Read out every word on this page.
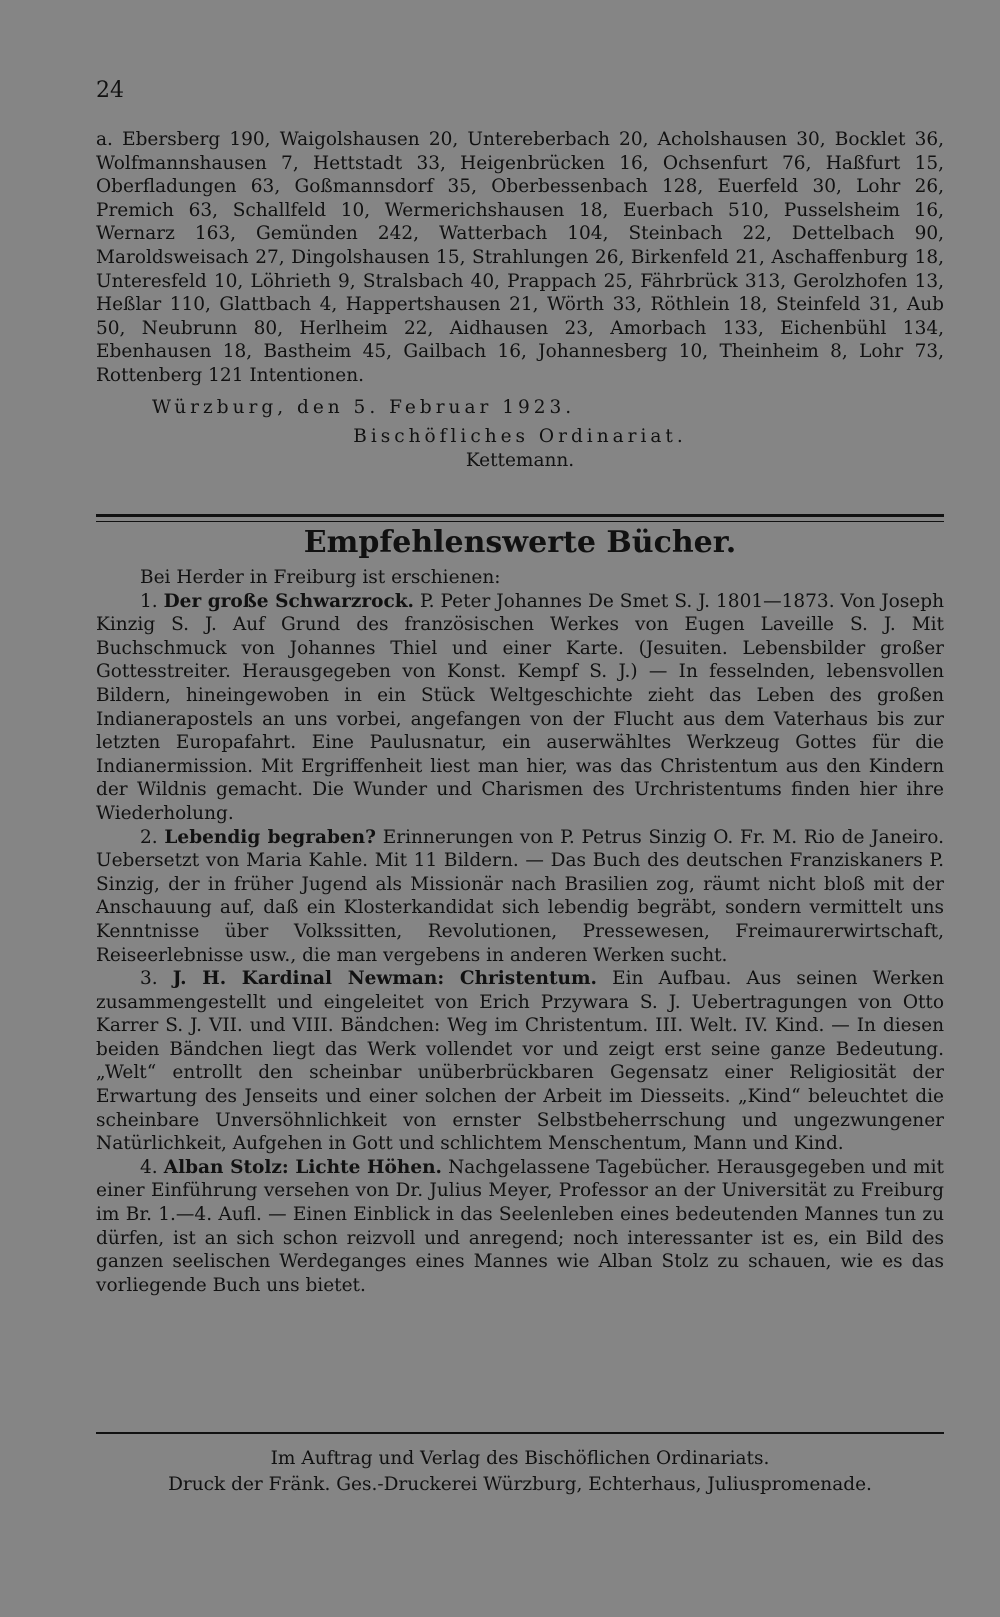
24

a. Ebersberg 190, Waigolshausen 20, Untereberbach 20, Acholshausen 30, Bocklet 36, Wolfmannshausen 7, Hettstadt 33, Heigenbrücken 16, Ochsenfurt 76, Haßfurt 15, Oberfladungen 63, Goßmannsdorf 35, Oberbessenbach 128, Euerfeld 30, Lohr 26, Premich 63, Schallfeld 10, Wermerichshausen 18, Euerbach 510, Pusselsheim 16, Wernarz 163, Gemünden 242, Watterbach 104, Steinbach 22, Dettelbach 90, Maroldsweisach 27, Dingolshausen 15, Strahlungen 26, Birkenfeld 21, Aschaffenburg 18, Unteresfeld 10, Löhrieth 9, Stralsbach 40, Prappach 25, Fährbrück 313, Gerolzhofen 13, Heßlar 110, Glattbach 4, Happertshausen 21, Wörth 33, Röthlein 18, Steinfeld 31, Aub 50, Neubrunn 80, Herlheim 22, Aidhausen 23, Amorbach 133, Eichenbühl 134, Ebenhausen 18, Bastheim 45, Gailbach 16, Johannesberg 10, Theinheim 8, Lohr 73, Rottenberg 121 Intentionen.

Würzburg, den 5. Februar 1923.

Bischöfliches Ordinariat.

Kettemann.

Empfehlenswerte Bücher.

Bei Herder in Freiburg ist erschienen:

1. Der große Schwarzrock. P. Peter Johannes De Smet S. J. 1801—1873. Von Joseph Kinzig S. J. Auf Grund des französischen Werkes von Eugen Laveille S. J. Mit Buchschmuck von Johannes Thiel und einer Karte. (Jesuiten. Lebensbilder großer Gottesstreiter. Herausgegeben von Konst. Kempf S. J.) — In fesselnden, lebensvollen Bildern, hineingewoben in ein Stück Weltgeschichte zieht das Leben des großen Indianerapostels an uns vorbei, angefangen von der Flucht aus dem Vaterhaus bis zur letzten Europafahrt. Eine Paulusnatur, ein auserwähltes Werkzeug Gottes für die Indianermission. Mit Ergriffenheit liest man hier, was das Christentum aus den Kindern der Wildnis gemacht. Die Wunder und Charismen des Urchristentums finden hier ihre Wiederholung.

2. Lebendig begraben? Erinnerungen von P. Petrus Sinzig O. Fr. M. Rio de Janeiro. Uebersetzt von Maria Kahle. Mit 11 Bildern. — Das Buch des deutschen Franziskaners P. Sinzig, der in früher Jugend als Missionär nach Brasilien zog, räumt nicht bloß mit der Anschauung auf, daß ein Klosterkandidat sich lebendig begräbt, sondern vermittelt uns Kenntnisse über Volkssitten, Revolutionen, Pressewesen, Freimaurerwirtschaft, Reiseerlebnisse usw., die man vergebens in anderen Werken sucht.

3. J. H. Kardinal Newman: Christentum. Ein Aufbau. Aus seinen Werken zusammengestellt und eingeleitet von Erich Przywara S. J. Uebertragungen von Otto Karrer S. J. VII. und VIII. Bändchen: Weg im Christentum. III. Welt. IV. Kind. — In diesen beiden Bändchen liegt das Werk vollendet vor und zeigt erst seine ganze Bedeutung. „Welt“ entrollt den scheinbar unüberbrückbaren Gegensatz einer Religiosität der Erwartung des Jenseits und einer solchen der Arbeit im Diesseits. „Kind“ beleuchtet die scheinbare Unversöhnlichkeit von ernster Selbstbeherrschung und ungezwungener Natürlichkeit, Aufgehen in Gott und schlichtem Menschentum, Mann und Kind.

4. Alban Stolz: Lichte Höhen. Nachgelassene Tagebücher. Herausgegeben und mit einer Einführung versehen von Dr. Julius Meyer, Professor an der Universität zu Freiburg im Br. 1.—4. Aufl. — Einen Einblick in das Seelenleben eines bedeutenden Mannes tun zu dürfen, ist an sich schon reizvoll und anregend; noch interessanter ist es, ein Bild des ganzen seelischen Werdeganges eines Mannes wie Alban Stolz zu schauen, wie es das vorliegende Buch uns bietet.

Im Auftrag und Verlag des Bischöflichen Ordinariats.

Druck der Fränk. Ges.-Druckerei Würzburg, Echterhaus, Juliuspromenade.
